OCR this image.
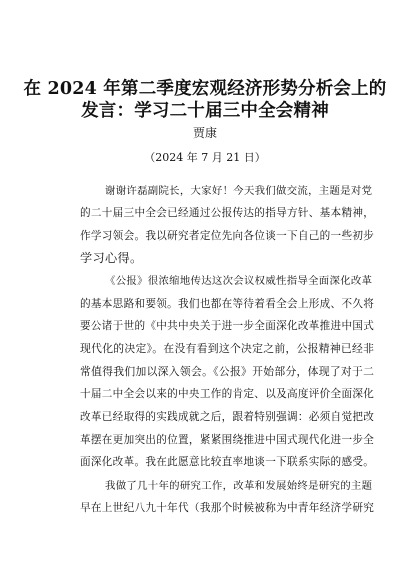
在 2024 年第二季度宏观经济形势分析会上的
发言：学习二十届三中全会精神
贾康
（2024 年 7 月 21 日）
谢谢许磊副院长，大家好！今天我们做交流，主题是对党
的二十届三中全会已经通过公报传达的指导方针、基本精神，
作学习领会。我以研究者定位先向各位谈一下自己的一些初步
学习心得。
《公报》很浓缩地传达这次会议权威性指导全面深化改革
的基本思路和要领。我们也都在等待着看全会上形成、不久将
要公诸于世的《中共中央关于进一步全面深化改革推进中国式
现代化的决定》。在没有看到这个决定之前，公报精神已经非
常值得我们加以深入领会。《公报》开始部分，体现了对于二
十届二中全会以来的中央工作的肯定、以及高度评价全面深化
改革已经取得的实践成就之后，跟着特别强调：必须自觉把改
革摆在更加突出的位置，紧紧围绕推进中国式现代化进一步全
面深化改革。我在此愿意比较直率地谈一下联系实际的感受。
我做了几十年的研究工作，改革和发展始终是研究的主题
早在上世纪八九十年代（我那个时候被称为中青年经济学研究
